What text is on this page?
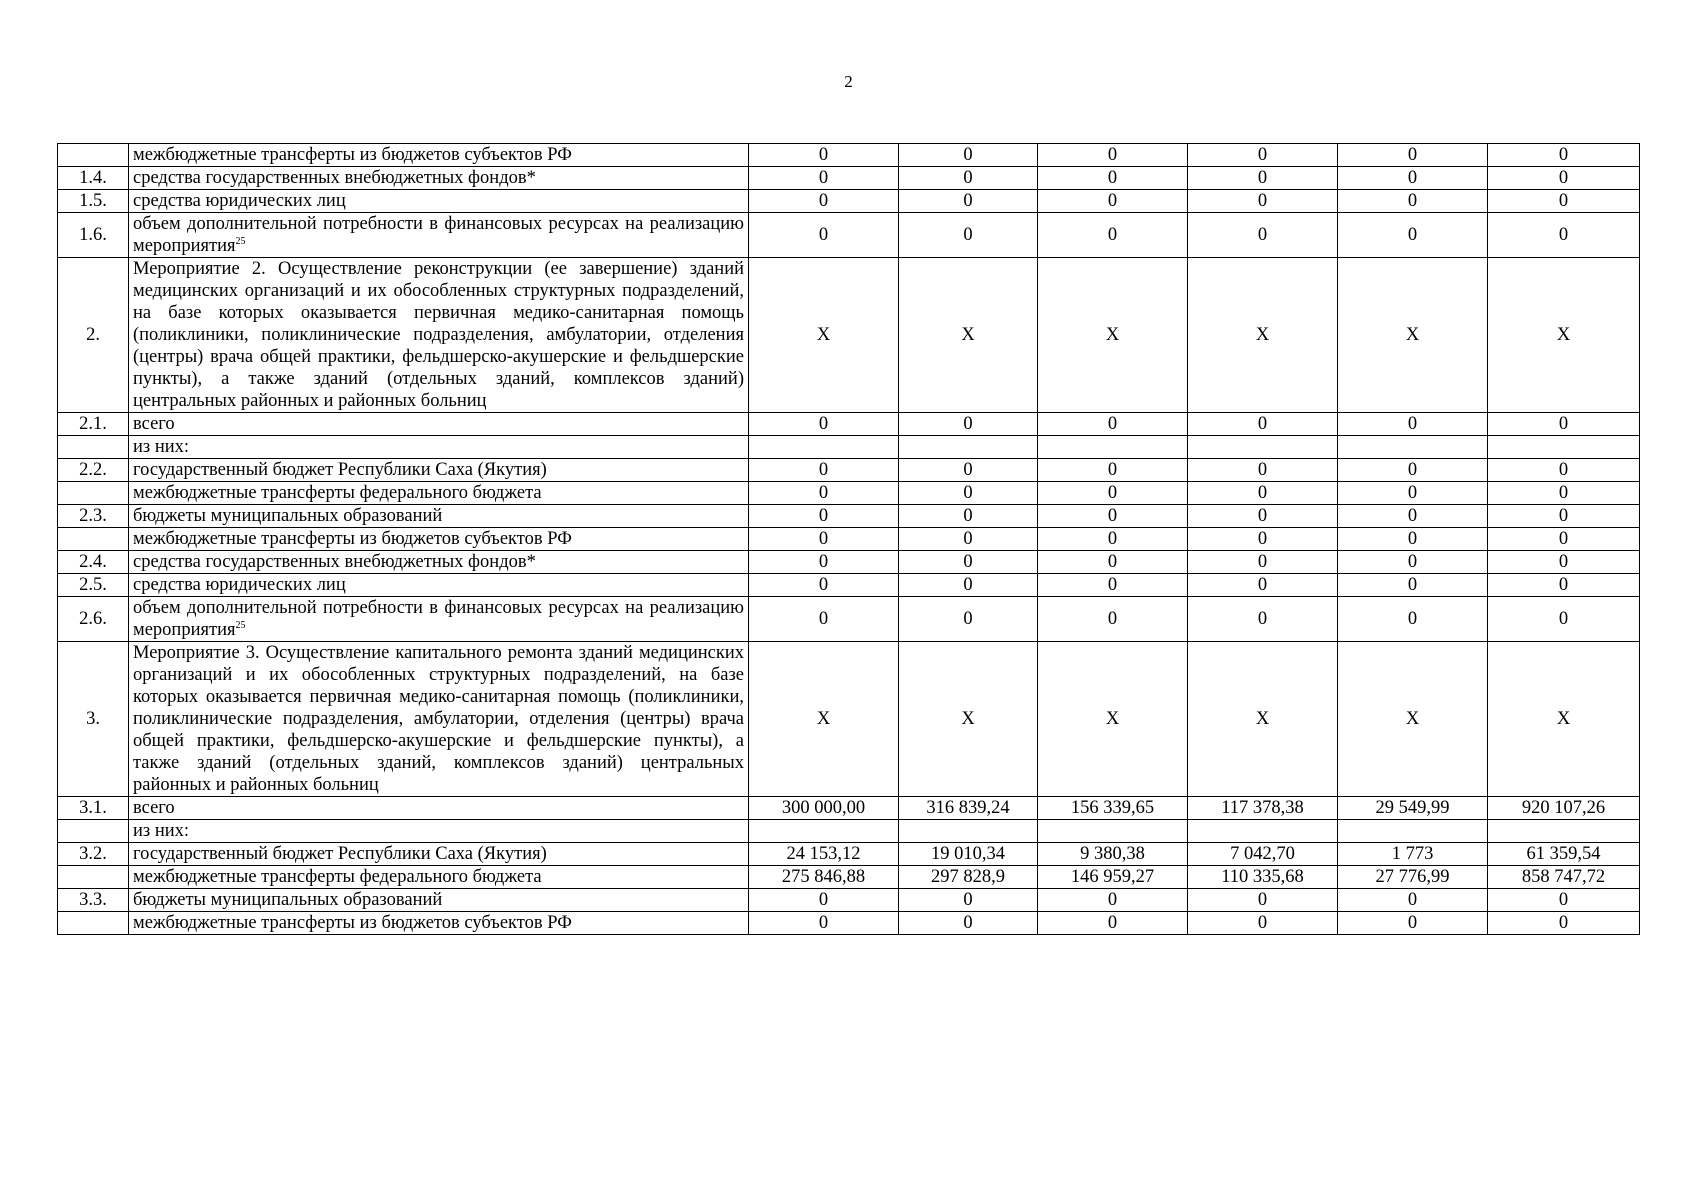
2
	межбюджетные трансферты из бюджетов субъектов РФ	0	0	0	0	0	0
1.4.	средства государственных внебюджетных фондов*	0	0	0	0	0	0
1.5.	средства юридических лиц	0	0	0	0	0	0
1.6.	объем дополнительной потребности в финансовых ресурсах на реализацию мероприятия$^{25}$	0	0	0	0	0	0
2.	Мероприятие 2. Осуществление реконструкции (ее завершение) зданий медицинских организаций и их обособленных структурных подразделений, на базе которых оказывается первичная медико-санитарная помощь (поликлиники, поликлинические подразделения, амбулатории, отделения (центры) врача общей практики, фельдшерско-акушерские и фельдшерские пункты), а также зданий (отдельных зданий, комплексов зданий) центральных районных и районных больниц	Х	Х	Х	Х	Х	Х
2.1.	всего	0	0	0	0	0	0
	из них:						
2.2.	государственный бюджет Республики Саха (Якутия)	0	0	0	0	0	0
	межбюджетные трансферты федерального бюджета	0	0	0	0	0	0
2.3.	бюджеты муниципальных образований	0	0	0	0	0	0
	межбюджетные трансферты из бюджетов субъектов РФ	0	0	0	0	0	0
2.4.	средства государственных внебюджетных фондов*	0	0	0	0	0	0
2.5.	средства юридических лиц	0	0	0	0	0	0
2.6.	объем дополнительной потребности в финансовых ресурсах на реализацию мероприятия$^{25}$	0	0	0	0	0	0
3.	Мероприятие 3. Осуществление капитального ремонта зданий медицинских организаций и их обособленных структурных подразделений, на базе которых оказывается первичная медико-санитарная помощь (поликлиники, поликлинические подразделения, амбулатории, отделения (центры) врача общей практики, фельдшерско-акушерские и фельдшерские пункты), а также зданий (отдельных зданий, комплексов зданий) центральных районных и районных больниц	Х	Х	Х	Х	Х	Х
3.1.	всего	300 000,00	316 839,24	156 339,65	117 378,38	29 549,99	920 107,26
	из них:						
3.2.	государственный бюджет Республики Саха (Якутия)	24 153,12	19 010,34	9 380,38	7 042,70	1 773	61 359,54
	межбюджетные трансферты федерального бюджета	275 846,88	297 828,9	146 959,27	110 335,68	27 776,99	858 747,72
3.3.	бюджеты муниципальных образований	0	0	0	0	0	0
	межбюджетные трансферты из бюджетов субъектов РФ	0	0	0	0	0	0
